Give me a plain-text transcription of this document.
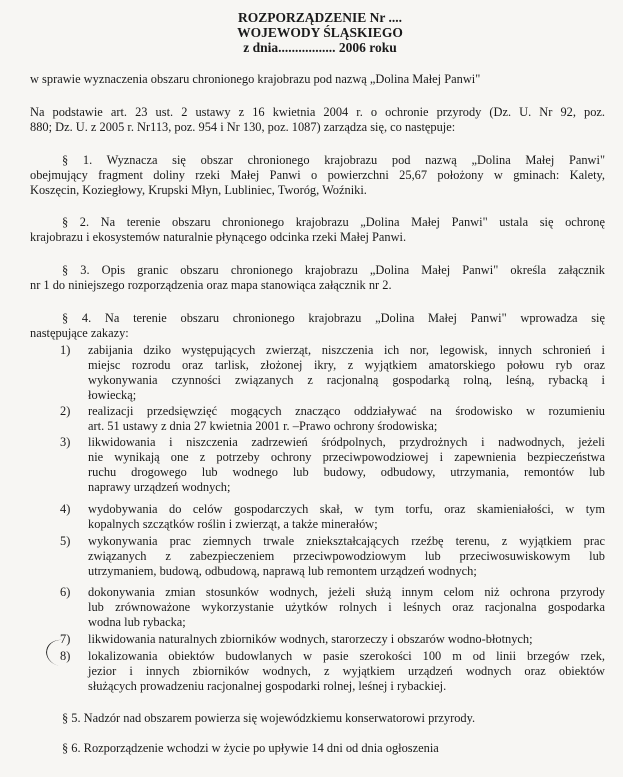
ROZPORZĄDZENIE Nr ....
WOJEWODY ŚLĄSKIEGO
z dnia................. 2006 roku
w sprawie wyznaczenia obszaru chronionego krajobrazu pod nazwą „Dolina Małej Panwi"
Na podstawie art. 23 ust. 2 ustawy z 16 kwietnia 2004 r. o ochronie przyrody (Dz. U. Nr 92, poz.
880; Dz. U. z 2005 r. Nr113, poz. 954 i Nr 130, poz. 1087) zarządza się, co następuje:
§ 1. Wyznacza się obszar chronionego krajobrazu pod nazwą „Dolina Małej Panwi"
obejmujący fragment doliny rzeki Małej Panwi o powierzchni 25,67 położony w gminach: Kalety,
Koszęcin, Koziegłowy, Krupski Młyn, Lubliniec, Tworóg, Woźniki.
§ 2. Na terenie obszaru chronionego krajobrazu „Dolina Małej Panwi" ustala się ochronę
krajobrazu i ekosystemów naturalnie płynącego odcinka rzeki Małej Panwi.
§ 3. Opis granic obszaru chronionego krajobrazu „Dolina Małej Panwi" określa załącznik
nr 1 do niniejszego rozporządzenia oraz mapa stanowiąca załącznik nr 2.
§ 4. Na terenie obszaru chronionego krajobrazu „Dolina Małej Panwi" wprowadza się
następujące zakazy:
1) zabijania dziko występujących zwierząt, niszczenia ich nor, legowisk, innych schronień i
miejsc rozrodu oraz tarlisk, złożonej ikry, z wyjątkiem amatorskiego połowu ryb oraz
wykonywania czynności związanych z racjonalną gospodarką rolną, leśną, rybacką i
łowiecką;
2) realizacji przedsięwzięć mogących znacząco oddziaływać na środowisko w rozumieniu
art. 51 ustawy z dnia 27 kwietnia 2001 r. –Prawo ochrony środowiska;
3) likwidowania i niszczenia zadrzewień śródpolnych, przydrożnych i nadwodnych, jeżeli
nie wynikają one z potrzeby ochrony przeciwpowodziowej i zapewnienia bezpieczeństwa
ruchu drogowego lub wodnego lub budowy, odbudowy, utrzymania, remontów lub
naprawy urządzeń wodnych;
4) wydobywania do celów gospodarczych skał, w tym torfu, oraz skamieniałości, w tym
kopalnych szczątków roślin i zwierząt, a także minerałów;
5) wykonywania prac ziemnych trwale zniekształcających rzeźbę terenu, z wyjątkiem prac
związanych z zabezpieczeniem przeciwpowodziowym lub przeciwosuwiskowym lub
utrzymaniem, budową, odbudową, naprawą lub remontem urządzeń wodnych;
6) dokonywania zmian stosunków wodnych, jeżeli służą innym celom niż ochrona przyrody
lub zrównoważone wykorzystanie użytków rolnych i leśnych oraz racjonalna gospodarka
wodna lub rybacka;
7) likwidowania naturalnych zbiorników wodnych, starorzeczy i obszarów wodno-błotnych;
8) lokalizowania obiektów budowlanych w pasie szerokości 100 m od linii brzegów rzek,
jezior i innych zbiorników wodnych, z wyjątkiem urządzeń wodnych oraz obiektów
służących prowadzeniu racjonalnej gospodarki rolnej, leśnej i rybackiej.
§ 5. Nadzór nad obszarem powierza się wojewódzkiemu konserwatorowi przyrody.
§ 6. Rozporządzenie wchodzi w życie po upływie 14 dni od dnia ogłoszenia
